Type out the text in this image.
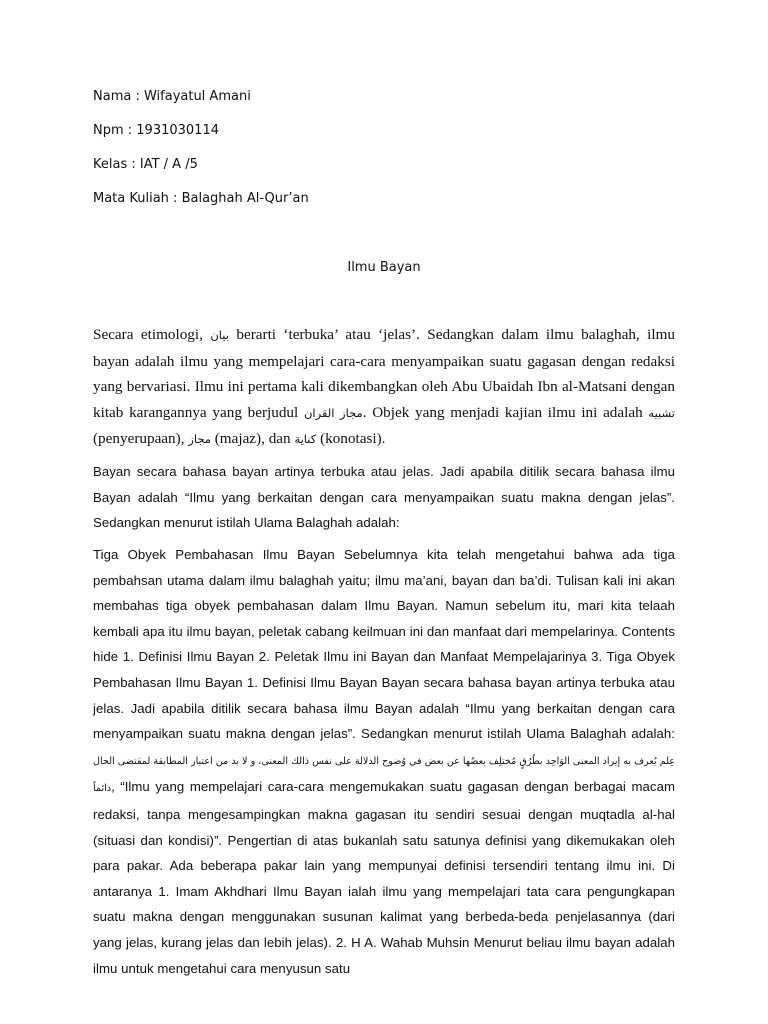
Nama : Wifayatul Amani
Npm : 1931030114
Kelas : IAT / A /5
Mata Kuliah : Balaghah Al-Qur’an
Ilmu Bayan
Secara etimologi, بيان berarti ‘terbuka’ atau ‘jelas’. Sedangkan dalam ilmu balaghah, ilmu bayan adalah ilmu yang mempelajari cara-cara menyampaikan suatu gagasan dengan redaksi yang bervariasi. Ilmu ini pertama kali dikembangkan oleh Abu Ubaidah Ibn al-Matsani dengan kitab karangannya yang berjudul مجاز القران. Objek yang menjadi kajian ilmu ini adalah تشبيه (penyerupaan), مجاز (majaz), dan كناية (konotasi).
Bayan secara bahasa bayan artinya terbuka atau jelas. Jadi apabila ditilik secara bahasa ilmu Bayan adalah “Ilmu yang berkaitan dengan cara menyampaikan suatu makna dengan jelas”. Sedangkan menurut istilah Ulama Balaghah adalah:
Tiga Obyek Pembahasan Ilmu Bayan Sebelumnya kita telah mengetahui bahwa ada tiga pembahsan utama dalam ilmu balaghah yaitu; ilmu ma’ani, bayan dan ba’di. Tulisan kali ini akan membahas tiga obyek pembahasan dalam Ilmu Bayan. Namun sebelum itu, mari kita telaah kembali apa itu ilmu bayan, peletak cabang keilmuan ini dan manfaat dari mempelarinya. Contents hide 1. Definisi Ilmu Bayan 2. Peletak Ilmu ini Bayan dan Manfaat Mempelajarinya 3. Tiga Obyek Pembahasan Ilmu Bayan 1. Definisi Ilmu Bayan Bayan secara bahasa bayan artinya terbuka atau jelas. Jadi apabila ditilik secara bahasa ilmu Bayan adalah “Ilmu yang berkaitan dengan cara menyampaikan suatu makna dengan jelas”. Sedangkan menurut istilah Ulama Balaghah adalah: عِلم يُعرف به إيراد المعنى الوَاحِد بطُرُقٍ مُختلِف بعضُها عن بعض في وُضوح الدلالة على نفس ذالك المعنى، و لا بد من اعتبار المطابقة لمقتضى الحال دائماً, “Ilmu yang mempelajari cara-cara mengemukakan suatu gagasan dengan berbagai macam redaksi, tanpa mengesampingkan makna gagasan itu sendiri sesuai dengan muqtadla al-hal (situasi dan kondisi)”. Pengertian di atas bukanlah satu satunya definisi yang dikemukakan oleh para pakar. Ada beberapa pakar lain yang mempunyai definisi tersendiri tentang ilmu ini. Di antaranya 1. Imam Akhdhari Ilmu Bayan ialah ilmu yang mempelajari tata cara pengungkapan suatu makna dengan menggunakan susunan kalimat yang berbeda-beda penjelasannya (dari yang jelas, kurang jelas dan lebih jelas). 2. H A. Wahab Muhsin Menurut beliau ilmu bayan adalah ilmu untuk mengetahui cara menyusun satu
